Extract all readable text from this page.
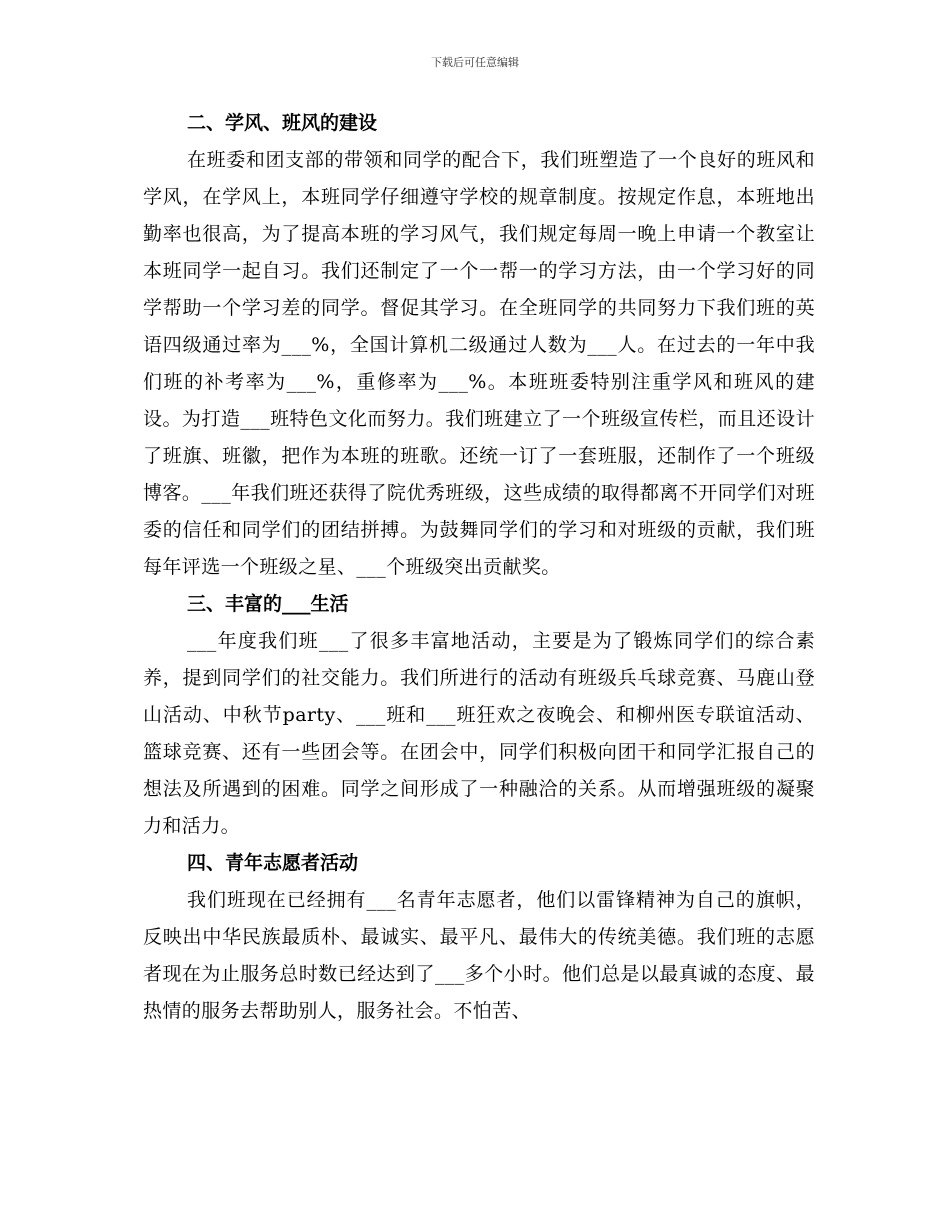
下载后可任意编辑
二、学风、班风的建设

在班委和团支部的带领和同学的配合下，我们班塑造了一个良好的班风和学风，在学风上，本班同学仔细遵守学校的规章制度。按规定作息，本班地出勤率也很高，为了提高本班的学习风气，我们规定每周一晚上申请一个教室让本班同学一起自习。我们还制定了一个一帮一的学习方法，由一个学习好的同学帮助一个学习差的同学。督促其学习。在全班同学的共同努力下我们班的英语四级通过率为___%，全国计算机二级通过人数为___人。在过去的一年中我们班的补考率为___%，重修率为___%。本班班委特别注重学风和班风的建设。为打造___班特色文化而努力。我们班建立了一个班级宣传栏，而且还设计了班旗、班徽，把作为本班的班歌。还统一订了一套班服，还制作了一个班级博客。___年我们班还获得了院优秀班级，这些成绩的取得都离不开同学们对班委的信任和同学们的团结拼搏。为鼓舞同学们的学习和对班级的贡献，我们班每年评选一个班级之星、___个班级突出贡献奖。

三、丰富的___生活

___年度我们班___了很多丰富地活动，主要是为了锻炼同学们的综合素养，提到同学们的社交能力。我们所进行的活动有班级兵乓球竞赛、马鹿山登山活动、中秋节party、___班和___班狂欢之夜晚会、和柳州医专联谊活动、篮球竞赛、还有一些团会等。在团会中，同学们积极向团干和同学汇报自己的想法及所遇到的困难。同学之间形成了一种融洽的关系。从而增强班级的凝聚力和活力。

四、青年志愿者活动

我们班现在已经拥有___名青年志愿者，他们以雷锋精神为自己的旗帜，反映出中华民族最质朴、最诚实、最平凡、最伟大的传统美德。我们班的志愿者现在为止服务总时数已经达到了___多个小时。他们总是以最真诚的态度、最热情的服务去帮助别人，服务社会。不怕苦、
